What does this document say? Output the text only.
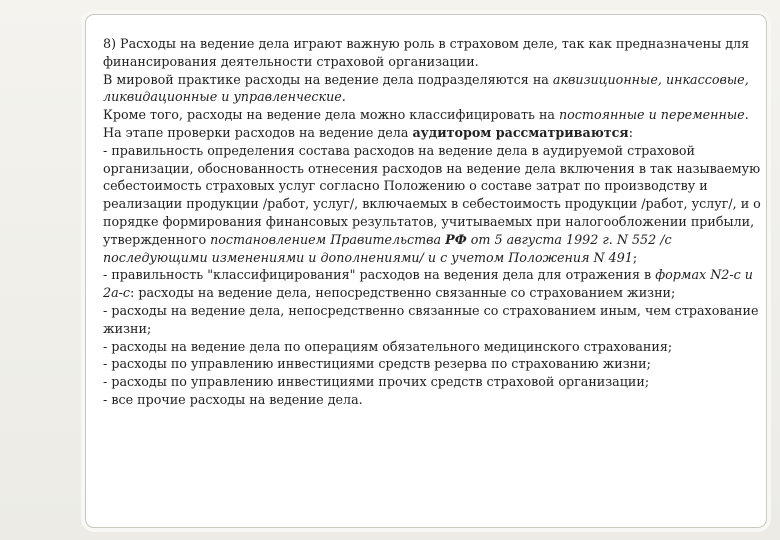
8) Расходы на ведение дела играют важную роль в страховом деле, так как предназначены для финансирования деятельности страховой организации.

В мировой практике расходы на ведение дела подразделяются на аквизиционные, инкассовые, ликвидационные и управленческие.

Кроме того, расходы на ведение дела можно классифицировать на постоянные и переменные.

На этапе проверки расходов на ведение дела аудитором рассматриваются:

- правильность определения состава расходов на ведение дела в аудируемой страховой организации, обоснованность отнесения расходов на ведение дела включения в так называемую себестоимость страховых услуг согласно Положению о составе затрат по производству и реализации продукции /работ, услуг/, включаемых в себестоимость продукции /работ, услуг/, и о порядке формирования финансовых результатов, учитываемых при налогообложении прибыли, утвержденного постановлением Правительства РФ от 5 августа 1992 г. N 552 /с последующими изменениями и дополнениями/ и с учетом Положения N 491;

- правильность "классифицирования" расходов на ведения дела для отражения в формах N2-с и 2а-с: расходы на ведение дела, непосредственно связанные со страхованием жизни;

- расходы на ведение дела, непосредственно связанные со страхованием иным, чем страхование жизни;

- расходы на ведение дела по операциям обязательного медицинского страхования;

- расходы по управлению инвестициями средств резерва по страхованию жизни;

- расходы по управлению инвестициями прочих средств страховой организации;

- все прочие расходы на ведение дела.
